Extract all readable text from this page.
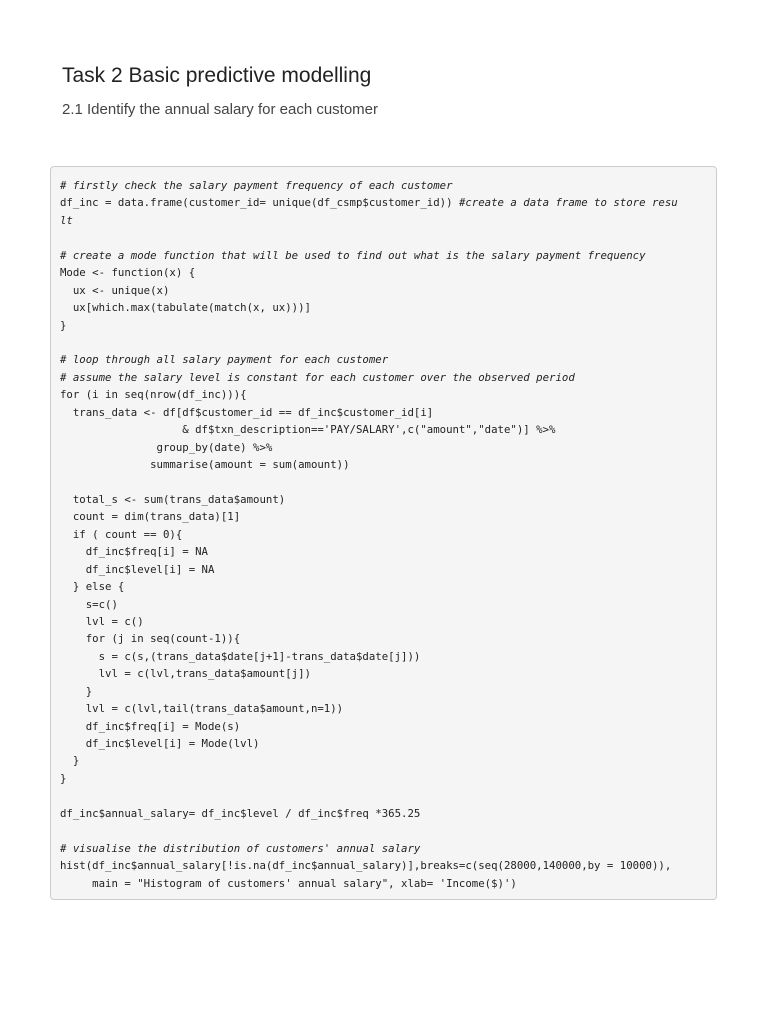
Task 2 Basic predictive modelling
2.1 Identify the annual salary for each customer
# firstly check the salary payment frequency of each customer
df_inc = data.frame(customer_id= unique(df_csmp$customer_id)) #create a data frame to store resu
lt
# create a mode function that will be used to find out what is the salary payment frequency
Mode <- function(x) {
ux <- unique(x)
ux[which.max(tabulate(match(x, ux)))]
}
# loop through all salary payment for each customer
# assume the salary level is constant for each customer over the observed period
for (i in seq(nrow(df_inc))){
trans_data <- df[df$customer_id == df_inc$customer_id[i]
& df$txn_description=='PAY/SALARY',c("amount","date")] %>%
group_by(date) %>%
summarise(amount = sum(amount))
total_s <- sum(trans_data$amount)
count = dim(trans_data)[1]
if ( count == 0){
df_inc$freq[i] = NA
df_inc$level[i] = NA
} else {
s=c()
lvl = c()
for (j in seq(count-1)){
s = c(s,(trans_data$date[j+1]-trans_data$date[j]))
lvl = c(lvl,trans_data$amount[j])
}
lvl = c(lvl,tail(trans_data$amount,n=1))
df_inc$freq[i] = Mode(s)
df_inc$level[i] = Mode(lvl)
}
}
df_inc$annual_salary= df_inc$level / df_inc$freq *365.25
# visualise the distribution of customers' annual salary
hist(df_inc$annual_salary[!is.na(df_inc$annual_salary)],breaks=c(seq(28000,140000,by = 10000)),
main = "Histogram of customers' annual salary", xlab= 'Income($)')
